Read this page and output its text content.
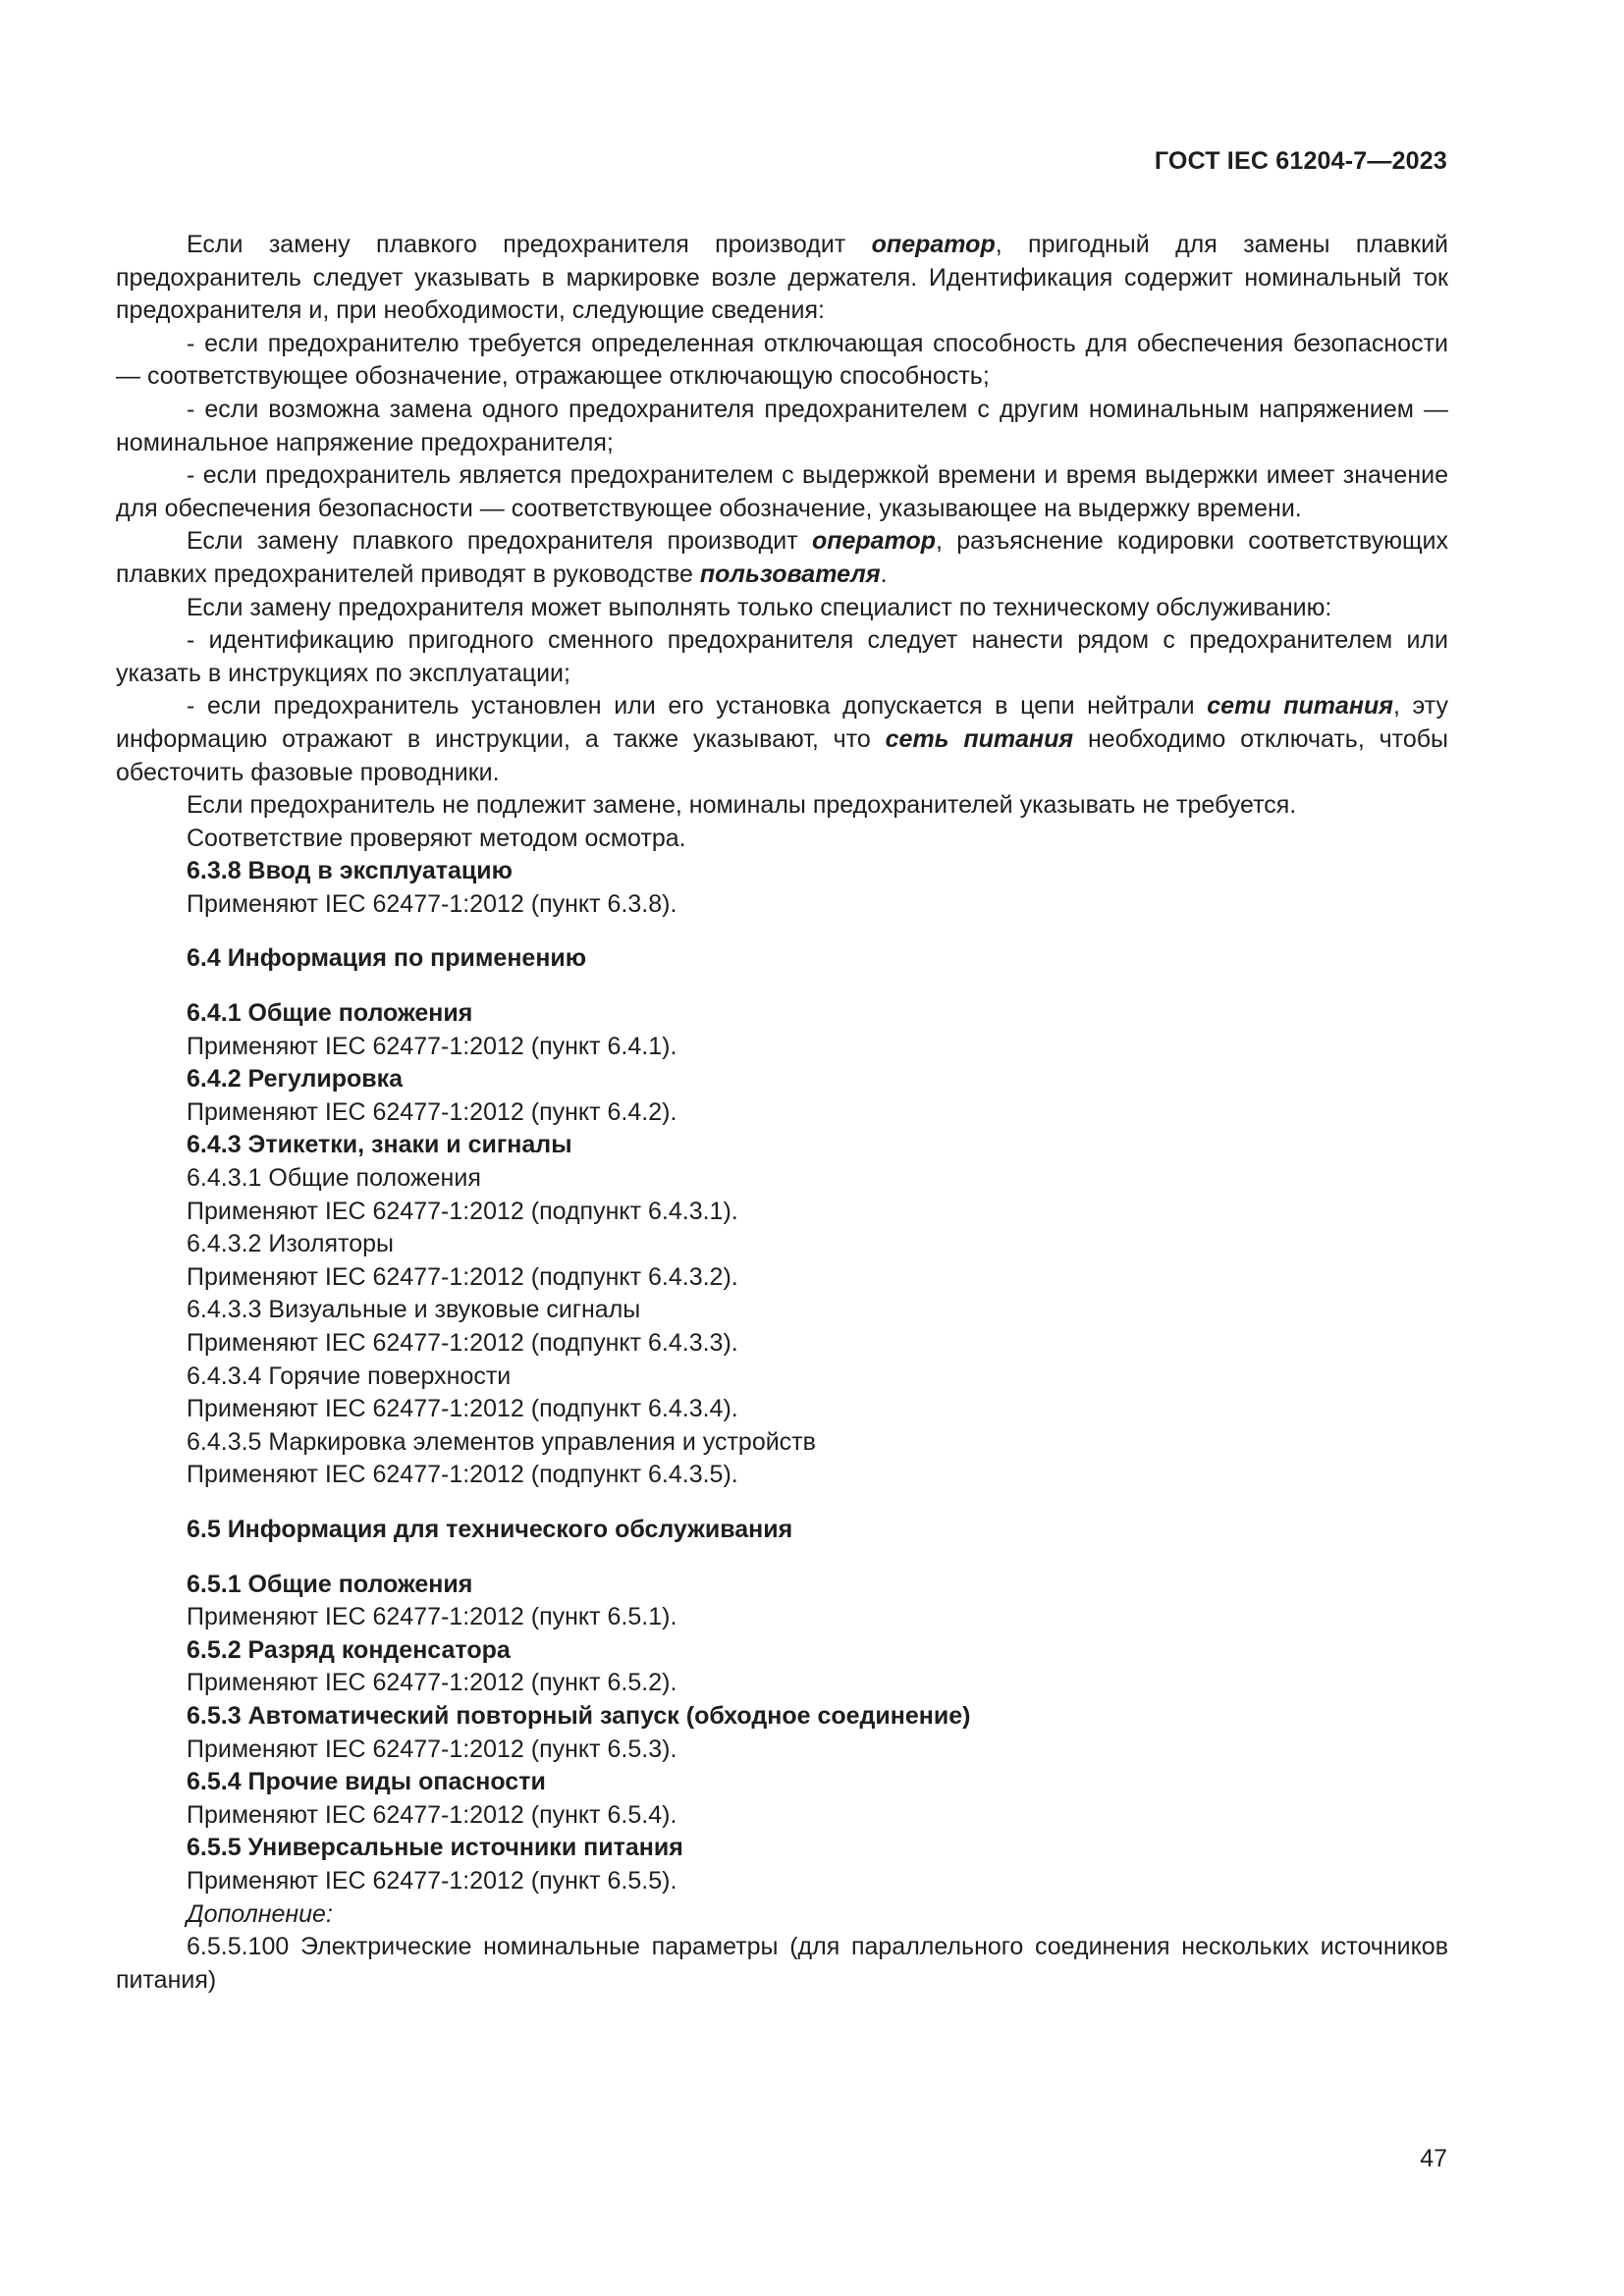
ГОСТ IEC 61204-7—2023

Если замену плавкого предохранителя производит оператор, пригодный для замены плавкий предохранитель следует указывать в маркировке возле держателя. Идентификация содержит номинальный ток предохранителя и, при необходимости, следующие сведения:

- если предохранителю требуется определенная отключающая способность для обеспечения безопасности — соответствующее обозначение, отражающее отключающую способность;

- если возможна замена одного предохранителя предохранителем с другим номинальным напряжением — номинальное напряжение предохранителя;

- если предохранитель является предохранителем с выдержкой времени и время выдержки имеет значение для обеспечения безопасности — соответствующее обозначение, указывающее на выдержку времени.

Если замену плавкого предохранителя производит оператор, разъяснение кодировки соответствующих плавких предохранителей приводят в руководстве пользователя.

Если замену предохранителя может выполнять только специалист по техническому обслуживанию:

- идентификацию пригодного сменного предохранителя следует нанести рядом с предохранителем или указать в инструкциях по эксплуатации;

- если предохранитель установлен или его установка допускается в цепи нейтрали сети питания, эту информацию отражают в инструкции, а также указывают, что сеть питания необходимо отключать, чтобы обесточить фазовые проводники.

Если предохранитель не подлежит замене, номиналы предохранителей указывать не требуется.

Соответствие проверяют методом осмотра.

6.3.8 Ввод в эксплуатацию

Применяют IEC 62477-1:2012 (пункт 6.3.8).

6.4 Информация по применению

6.4.1 Общие положения

Применяют IEC 62477-1:2012 (пункт 6.4.1).

6.4.2 Регулировка

Применяют IEC 62477-1:2012 (пункт 6.4.2).

6.4.3 Этикетки, знаки и сигналы

6.4.3.1 Общие положения

Применяют IEC 62477-1:2012 (подпункт 6.4.3.1).

6.4.3.2 Изоляторы

Применяют IEC 62477-1:2012 (подпункт 6.4.3.2).

6.4.3.3 Визуальные и звуковые сигналы

Применяют IEC 62477-1:2012 (подпункт 6.4.3.3).

6.4.3.4 Горячие поверхности

Применяют IEC 62477-1:2012 (подпункт 6.4.3.4).

6.4.3.5 Маркировка элементов управления и устройств

Применяют IEC 62477-1:2012 (подпункт 6.4.3.5).

6.5 Информация для технического обслуживания

6.5.1 Общие положения

Применяют IEC 62477-1:2012 (пункт 6.5.1).

6.5.2 Разряд конденсатора

Применяют IEC 62477-1:2012 (пункт 6.5.2).

6.5.3 Автоматический повторный запуск (обходное соединение)

Применяют IEC 62477-1:2012 (пункт 6.5.3).

6.5.4 Прочие виды опасности

Применяют IEC 62477-1:2012 (пункт 6.5.4).

6.5.5 Универсальные источники питания

Применяют IEC 62477-1:2012 (пункт 6.5.5).

Дополнение:

6.5.5.100 Электрические номинальные параметры (для параллельного соединения нескольких источников питания)

47
